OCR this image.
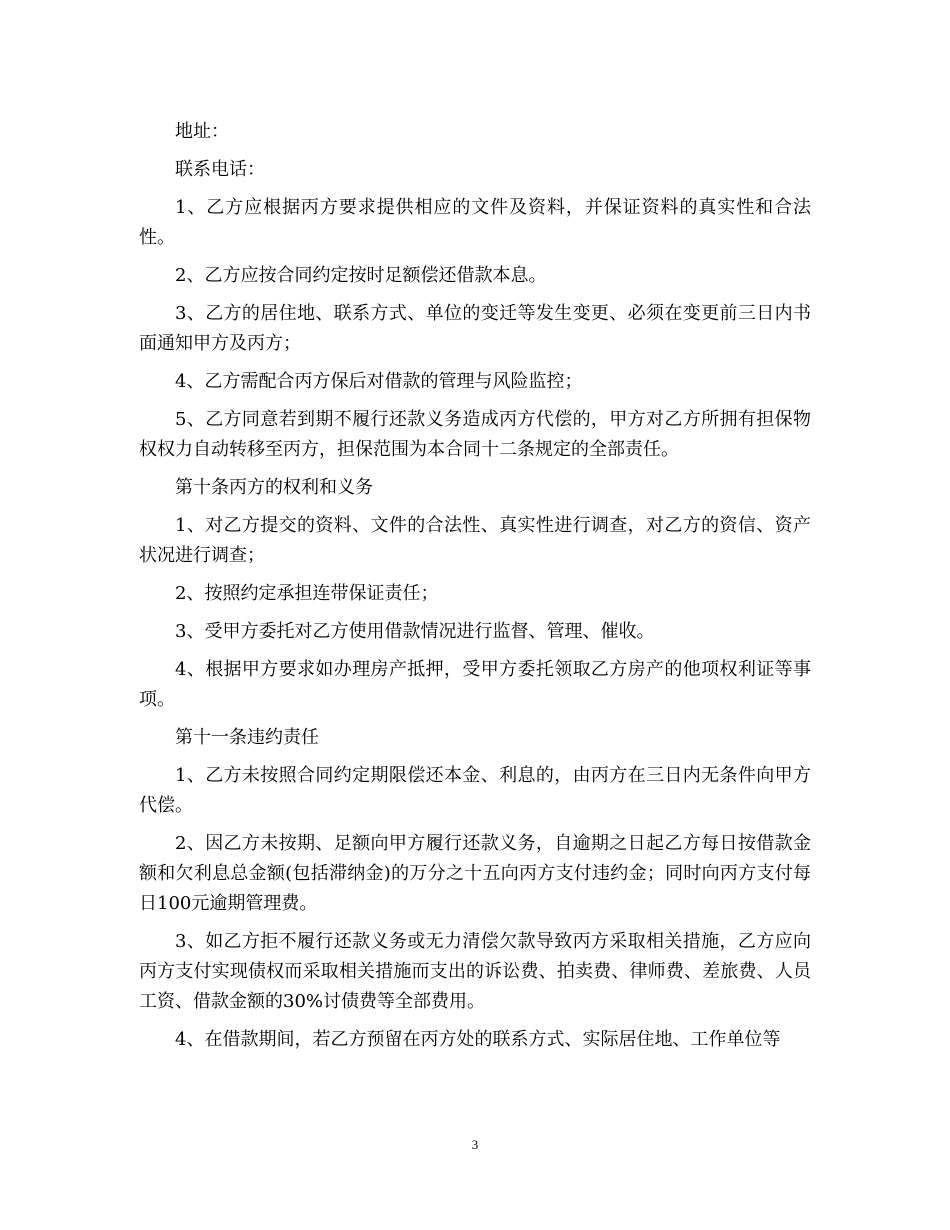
地址：

联系电话：

1、乙方应根据丙方要求提供相应的文件及资料，并保证资料的真实性和合法性。

2、乙方应按合同约定按时足额偿还借款本息。

3、乙方的居住地、联系方式、单位的变迁等发生变更、必须在变更前三日内书面通知甲方及丙方；

4、乙方需配合丙方保后对借款的管理与风险监控；

5、乙方同意若到期不履行还款义务造成丙方代偿的，甲方对乙方所拥有担保物权权力自动转移至丙方，担保范围为本合同十二条规定的全部责任。

第十条丙方的权利和义务

1、对乙方提交的资料、文件的合法性、真实性进行调查，对乙方的资信、资产状况进行调查；

2、按照约定承担连带保证责任；

3、受甲方委托对乙方使用借款情况进行监督、管理、催收。

4、根据甲方要求如办理房产抵押，受甲方委托领取乙方房产的他项权利证等事项。

第十一条违约责任

1、乙方未按照合同约定期限偿还本金、利息的，由丙方在三日内无条件向甲方代偿。

2、因乙方未按期、足额向甲方履行还款义务，自逾期之日起乙方每日按借款金额和欠利息总金额(包括滞纳金)的万分之十五向丙方支付违约金；同时向丙方支付每日100元逾期管理费。

3、如乙方拒不履行还款义务或无力清偿欠款导致丙方采取相关措施，乙方应向丙方支付实现债权而采取相关措施而支出的诉讼费、拍卖费、律师费、差旅费、人员工资、借款金额的30%讨债费等全部费用。

4、在借款期间，若乙方预留在丙方处的联系方式、实际居住地、工作单位等

3
